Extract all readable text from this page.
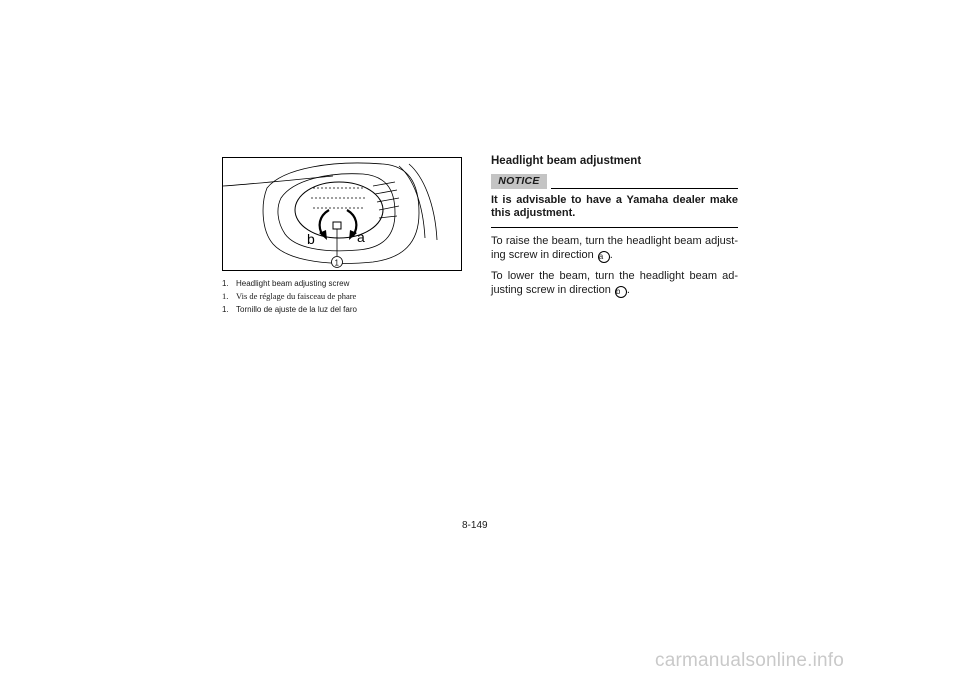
b	a
1
1. Headlight beam adjusting screw
1. Vis de réglage du faisceau de phare
1. Tornillo de ajuste de la luz del faro
Headlight beam adjustment
NOTICE

It is advisable to have a Yamaha dealer make this adjustment.

To raise the beam, turn the headlight beam adjust-ing screw in direction a .

To lower the beam, turn the headlight beam ad-justing screw in direction b .

8-149
carmanualsonline.info
